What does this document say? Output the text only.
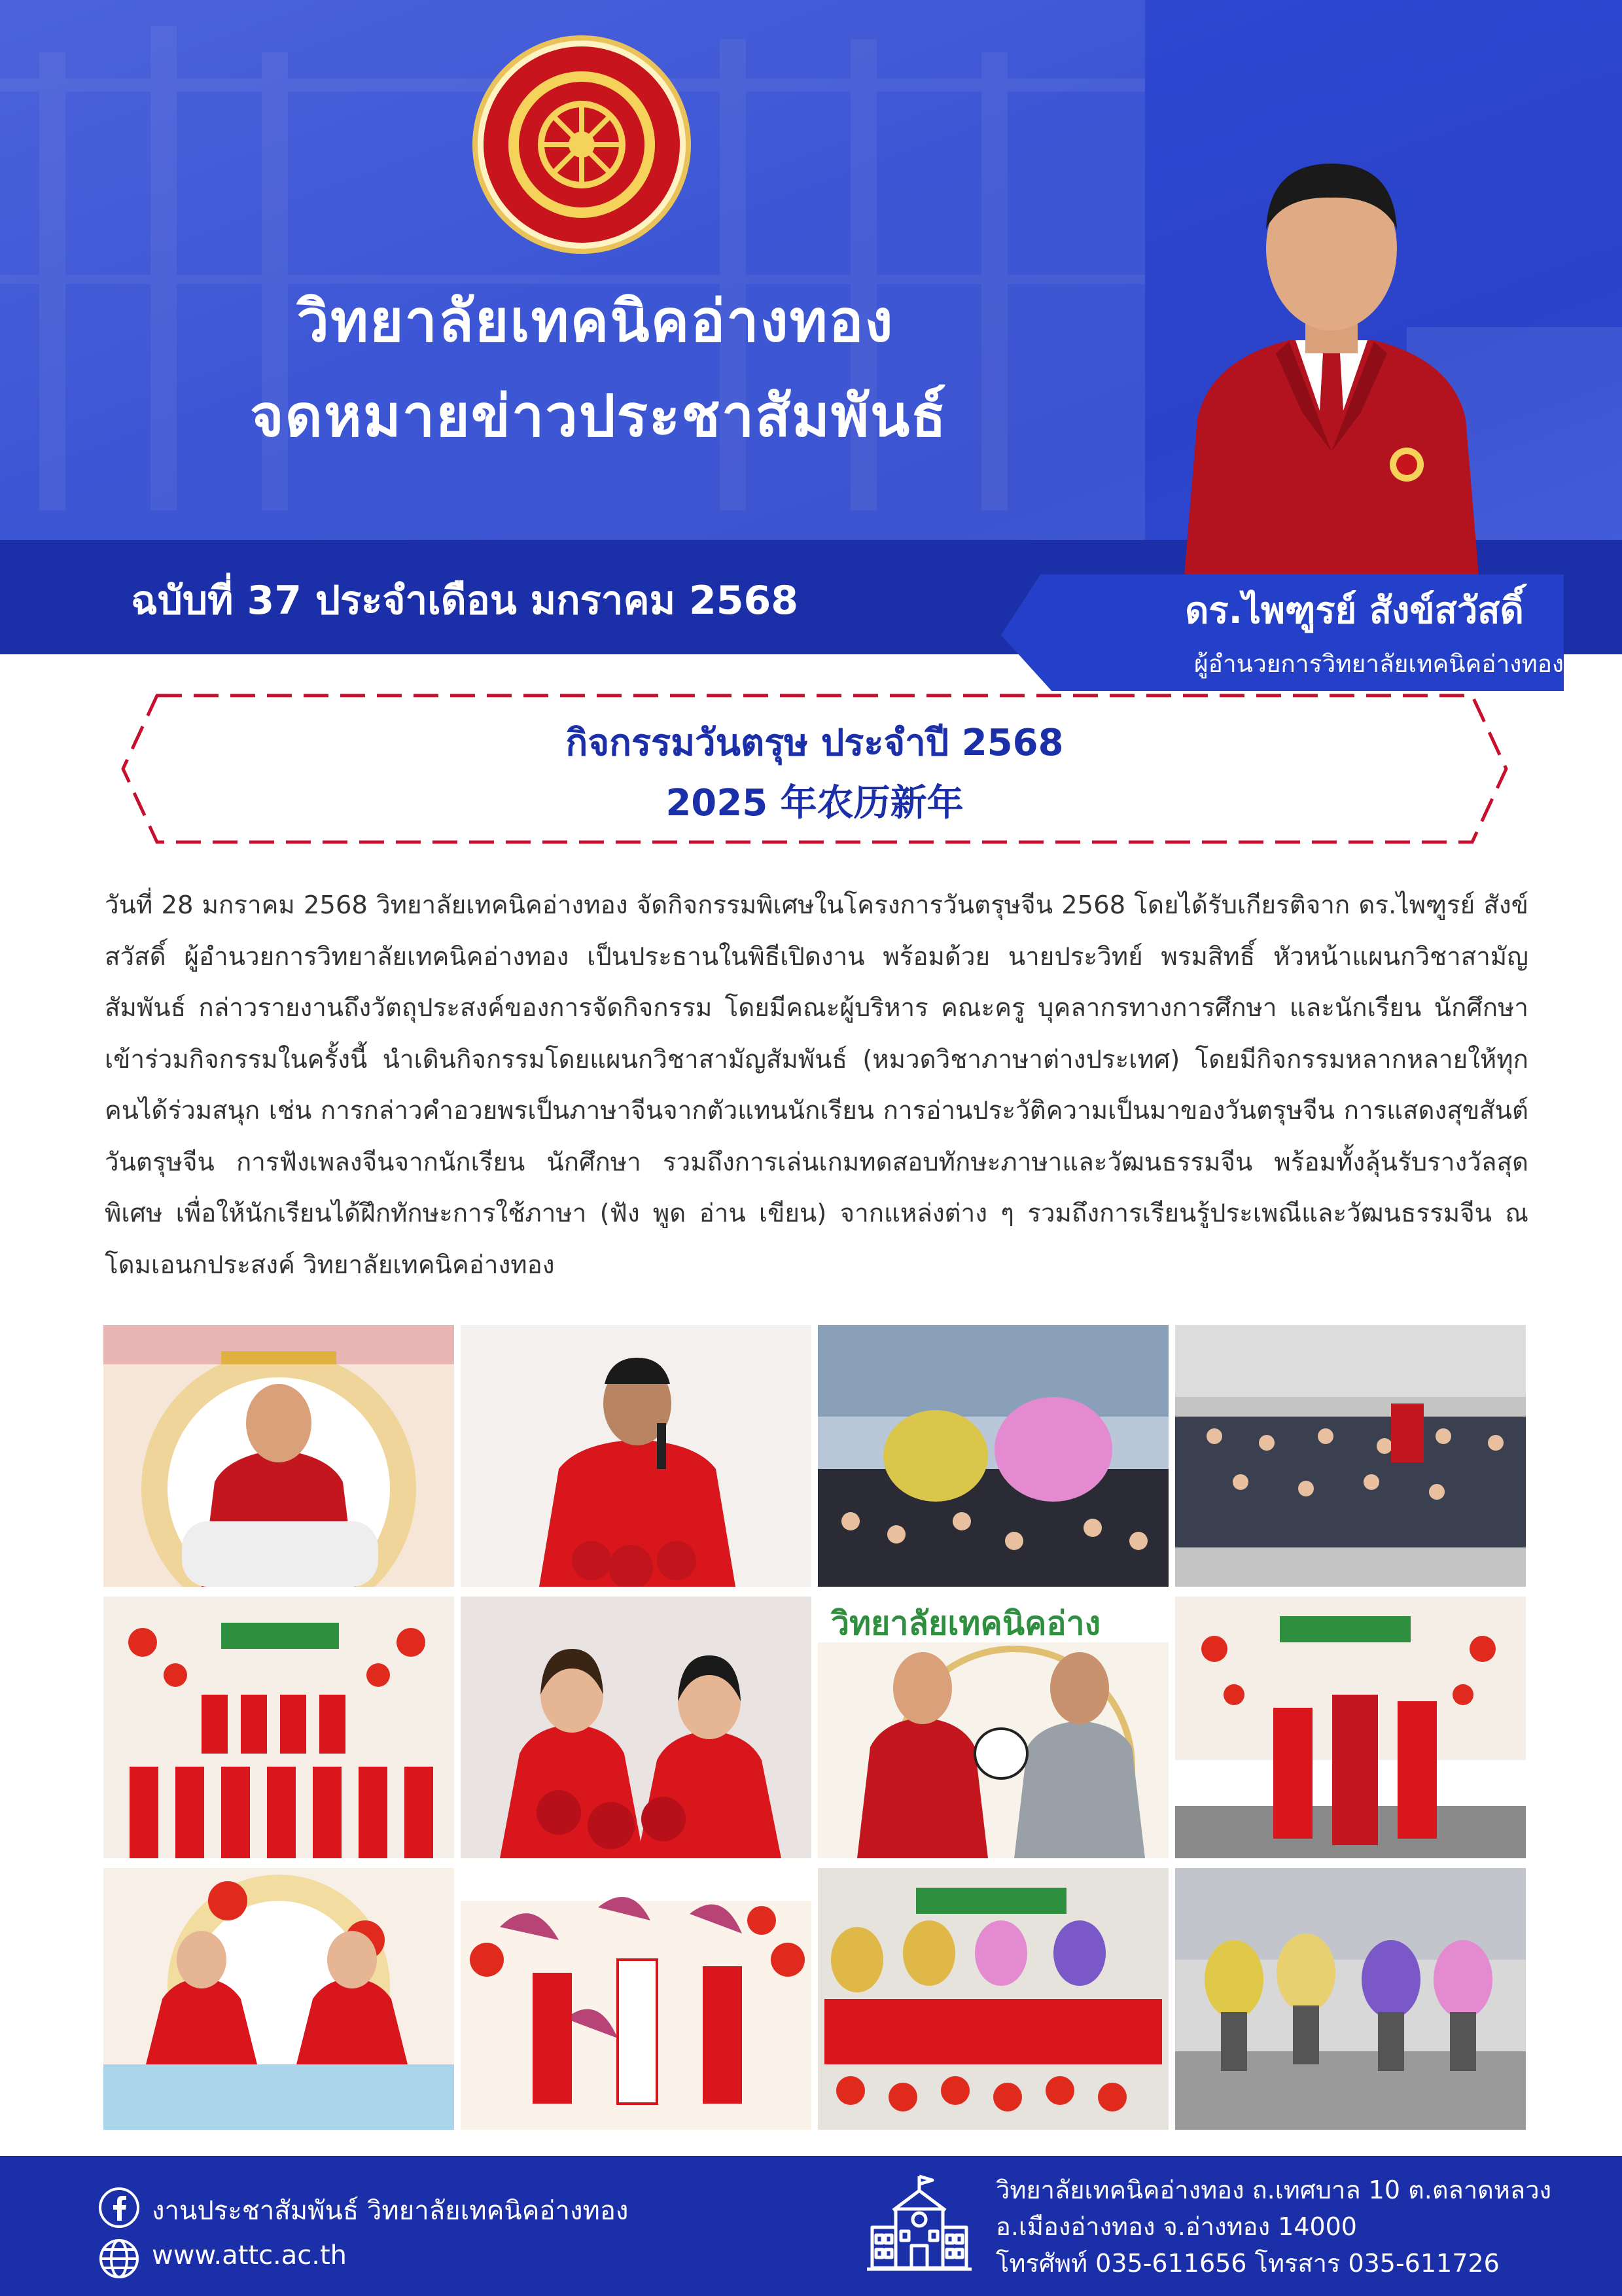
วิทยาลัยเทคนิคอ่างทอง
จดหมายข่าวประชาสัมพันธ์
ฉบับที่ 37 ประจำเดือน มกราคม 2568	ดร.ไพฑูรย์ สังข์สวัสดิ์
ผู้อำนวยการวิทยาลัยเทคนิคอ่างทอง
กิจกรรมวันตรุษ ประจำปี 2568
2025 年农历新年
วันที่ 28 มกราคม 2568 วิทยาลัยเทคนิคอ่างทอง จัดกิจกรรมพิเศษในโครงการวันตรุษจีน 2568 โดยได้รับเกียรติจาก ดร.ไพฑูรย์ สังข์สวัสดิ์ ผู้อำนวยการวิทยาลัยเทคนิคอ่างทอง เป็นประธานในพิธีเปิดงาน พร้อมด้วย นายประวิทย์ พรมสิทธิ์ หัวหน้าแผนกวิชาสามัญสัมพันธ์ กล่าวรายงานถึงวัตถุประสงค์ของการจัดกิจกรรม โดยมีคณะผู้บริหาร คณะครู บุคลากรทางการศึกษา และนักเรียน นักศึกษา เข้าร่วมกิจกรรมในครั้งนี้ นำเดินกิจกรรมโดยแผนกวิชาสามัญสัมพันธ์ (หมวดวิชาภาษาต่างประเทศ) โดยมีกิจกรรมหลากหลายให้ทุกคนได้ร่วมสนุก เช่น การกล่าวคำอวยพรเป็นภาษาจีนจากตัวแทนนักเรียน การอ่านประวัติความเป็นมาของวันตรุษจีน การแสดงสุขสันต์วันตรุษจีน การฟังเพลงจีนจากนักเรียน นักศึกษา รวมถึงการเล่นเกมทดสอบทักษะภาษาและวัฒนธรรมจีน พร้อมทั้งลุ้นรับรางวัลสุดพิเศษ เพื่อให้นักเรียนได้ฝึกทักษะการใช้ภาษา (ฟัง พูด อ่าน เขียน) จากแหล่งต่าง ๆ รวมถึงการเรียนรู้ประเพณีและวัฒนธรรมจีน ณ โดมเอนกประสงค์ วิทยาลัยเทคนิคอ่างทอง
วิทยาลัยเทคนิคอ่าง
งานประชาสัมพันธ์ วิทยาลัยเทคนิคอ่างทอง
www.attc.ac.th
วิทยาลัยเทคนิคอ่างทอง ถ.เทศบาล 10 ต.ตลาดหลวง
อ.เมืองอ่างทอง จ.อ่างทอง 14000
โทรศัพท์ 035-611656 โทรสาร 035-611726
